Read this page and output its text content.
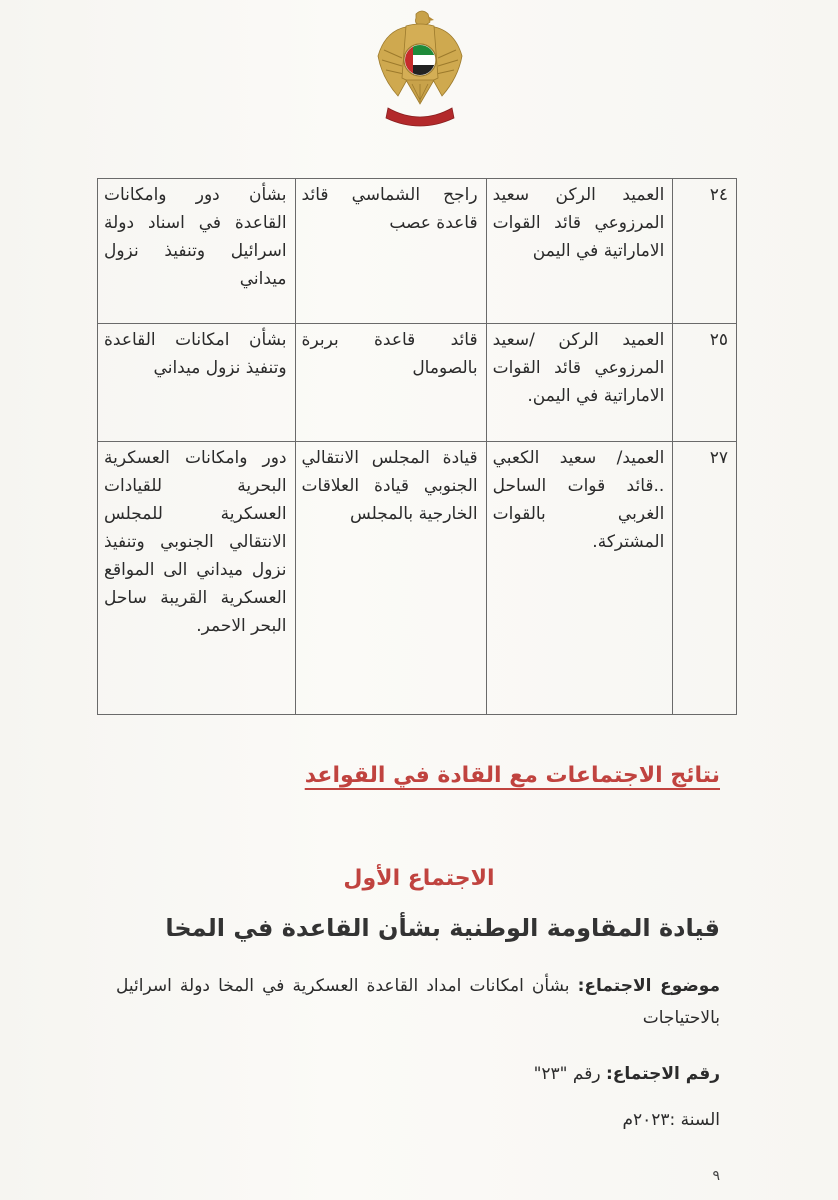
٢٤	العميد الركن سعيد المرزوعي قائد القوات الاماراتية في اليمن	راجح الشماسي قائد قاعدة عصب	بشأن دور وامكانات القاعدة في اسناد دولة اسرائيل وتنفيذ نزول ميداني
٢٥	العميد الركن /سعيد المرزوعي قائد القوات الاماراتية في اليمن.	قائد قاعدة بربرة بالصومال	بشأن امكانات القاعدة وتنفيذ نزول ميداني
٢٧	العميد/ سعيد الكعبي ..قائد قوات الساحل الغربي بالقوات المشتركة.	قيادة المجلس الانتقالي الجنوبي قيادة العلاقات الخارجية بالمجلس	دور وامكانات العسكرية البحرية للقيادات العسكرية للمجلس الانتقالي الجنوبي وتنفيذ نزول ميداني الى المواقع العسكرية القريبة ساحل البحر الاحمر.
نتائج الاجتماعات مع القادة في القواعد
الاجتماع الأول
قيادة المقاومة الوطنية بشأن القاعدة في المخا
موضوع الاجتماع: بشأن امكانات امداد القاعدة العسكرية في المخا دولة اسرائيل بالاحتياجات
رقم الاجتماع: رقم "٢٣"
السنة :٢٠٢٣م
٩
